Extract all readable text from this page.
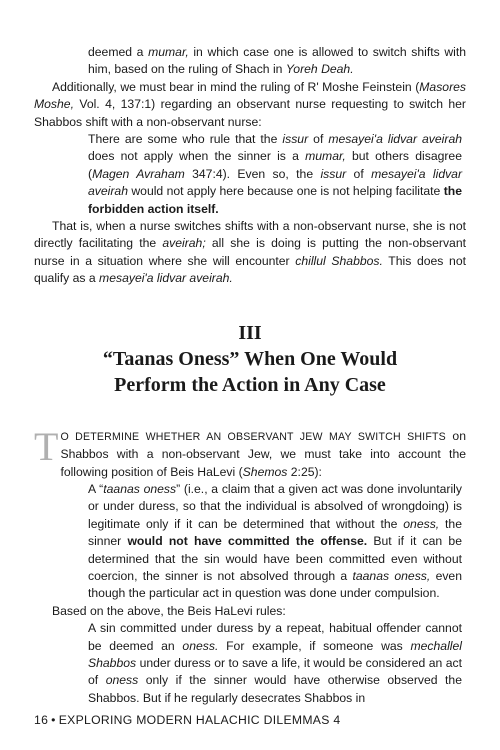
deemed a mumar, in which case one is allowed to switch shifts with him, based on the ruling of Shach in Yoreh Deah.

Additionally, we must bear in mind the ruling of R' Moshe Feinstein (Masores Moshe, Vol. 4, 137:1) regarding an observant nurse requesting to switch her Shabbos shift with a non-observant nurse:

There are some who rule that the issur of mesayei'a lidvar aveirah does not apply when the sinner is a mumar, but others disagree (Magen Avraham 347:4). Even so, the issur of mesayei'a lidvar aveirah would not apply here because one is not helping facilitate the forbidden action itself.

That is, when a nurse switches shifts with a non-observant nurse, she is not directly facilitating the aveirah; all she is doing is putting the non-observant nurse in a situation where she will encounter chillul Shabbos. This does not qualify as a mesayei'a lidvar aveirah.

III
“Taanas Oness” When One Would
Perform the Action in Any Case

T O DETERMINE WHETHER AN OBSERVANT JEW MAY SWITCH SHIFTS on Shabbos with a non-observant Jew, we must take into account the following position of Beis HaLevi (Shemos 2:25):

A “taanas oness” (i.e., a claim that a given act was done involuntarily or under duress, so that the individual is absolved of wrongdoing) is legitimate only if it can be determined that without the oness, the sinner would not have committed the offense. But if it can be determined that the sin would have been committed even without coercion, the sinner is not absolved through a taanas oness, even though the particular act in question was done under compulsion.

Based on the above, the Beis HaLevi rules:

A sin committed under duress by a repeat, habitual offender cannot be deemed an oness. For example, if someone was mechallel Shabbos under duress or to save a life, it would be considered an act of oness only if the sinner would have otherwise observed the Shabbos. But if he regularly desecrates Shabbos in

16 • EXPLORING MODERN HALACHIC DILEMMAS 4
